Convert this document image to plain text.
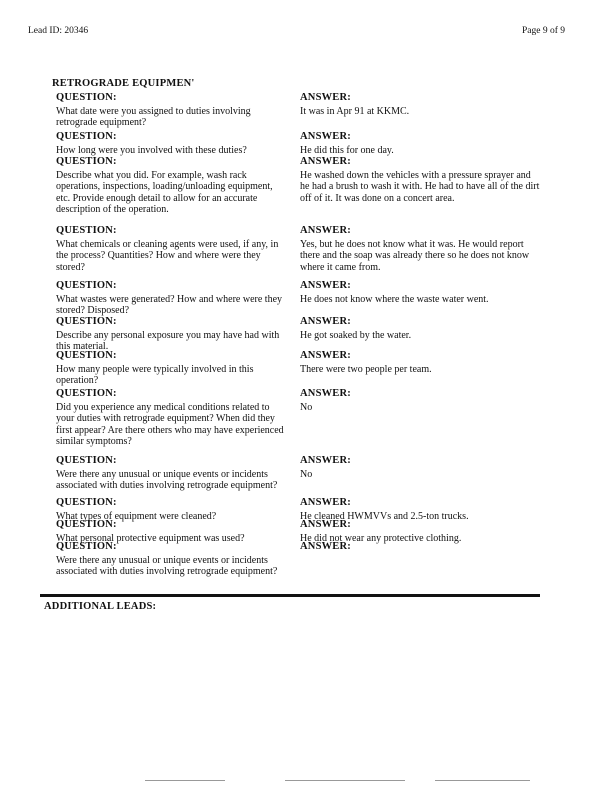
Lead ID: 20346	Page 9 of 9
RETROGRADE EQUIPMEN'
QUESTION:
What date were you assigned to duties involving retrograde equipment?
ANSWER:
It was in Apr 91 at KKMC.
QUESTION:
How long were you involved with these duties?
ANSWER:
He did this for one day.
QUESTION:
Describe what you did. For example, wash rack operations, inspections, loading/unloading equipment, etc. Provide enough detail to allow for an accurate description of the operation.
ANSWER:
He washed down the vehicles with a pressure sprayer and he had a brush to wash it with. He had to have all of the dirt off of it. It was done on a concert area.
QUESTION:
What chemicals or cleaning agents were used, if any, in the process? Quantities? How and where were they stored?
ANSWER:
Yes, but he does not know what it was. He would report there and the soap was already there so he does not know where it came from.
QUESTION:
What wastes were generated? How and where were they stored? Disposed?
ANSWER:
He does not know where the waste water went.
QUESTION:
Describe any personal exposure you may have had with this material.
ANSWER:
He got soaked by the water.
QUESTION:
How many people were typically involved in this operation?
ANSWER:
There were two people per team.
QUESTION:
Did you experience any medical conditions related to your duties with retrograde equipment? When did they first appear? Are there others who may have experienced similar symptoms?
ANSWER:
No
QUESTION:
Were there any unusual or unique events or incidents associated with duties involving retrograde equipment?
ANSWER:
No
QUESTION:
What types of equipment were cleaned?
ANSWER:
He cleaned HWMVVs and 2.5-ton trucks.
QUESTION:
What personal protective equipment was used?
ANSWER:
He did not wear any protective clothing.
QUESTION:
Were there any unusual or unique events or incidents associated with duties involving retrograde equipment?
ANSWER:
ADDITIONAL LEADS:
